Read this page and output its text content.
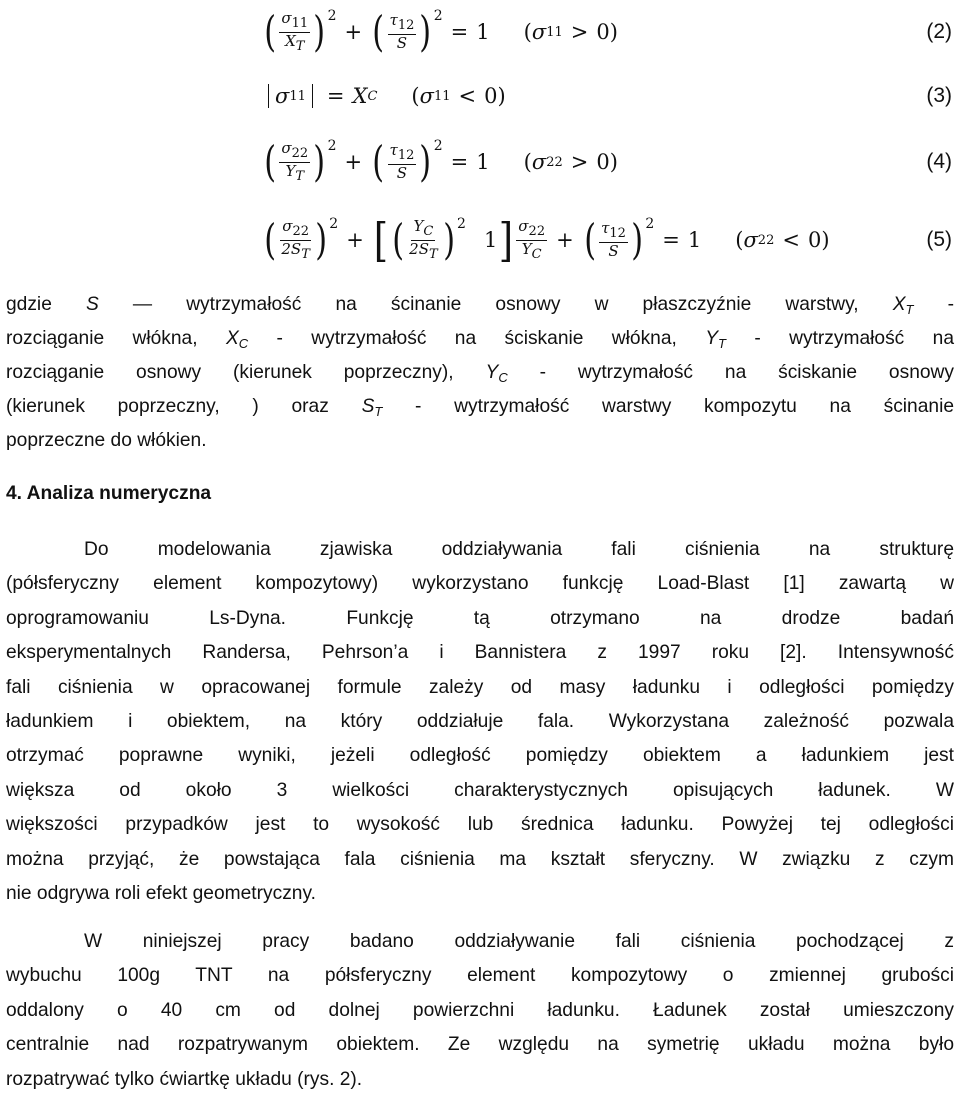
( $\frac{\sigma 11}{XT}$ ) 2
+ ( $\frac{\tau 12}{S}$ ) 2
= 1 ( σ 11 > 0 )	(2)
σ 11 = X C ( σ 11 < 0 )	(3)
( $\frac{\sigma 22}{YT}$ ) 2
+ ( $\frac{\tau 12}{S}$ ) 2
= 1 ( σ 22 > 0 )	(4)
( $\frac{\sigma 22}{2ST}$ ) 2
+ [ ( $\frac{YC}{2ST}$ ) 2
1 ] $\frac{\sigma 22}{YC}$ + ( $\frac{\tau 12}{S}$ ) 2
= 1 ( σ 22 < 0 )	(5)
gdzie S — wytrzymałość na ścinanie osnowy w płaszczyźnie warstwy, $X_T$ -
rozciąganie włókna, $X_C$ - wytrzymałość na ściskanie włókna, $Y_T$ - wytrzymałość na
rozciąganie osnowy (kierunek poprzeczny), $Y_C$ - wytrzymałość na ściskanie osnowy
(kierunek poprzeczny, ) oraz $S_T$ - wytrzymałość warstwy kompozytu na ścinanie
poprzeczne do włókien.
4. Analiza numeryczna
Do modelowania zjawiska oddziaływania fali ciśnienia na strukturę
(półsferyczny element kompozytowy) wykorzystano funkcję Load-Blast [1] zawartą w
oprogramowaniu Ls-Dyna. Funkcję tą otrzymano na drodze badań
eksperymentalnych Randersa, Pehrson’a i Bannistera z 1997 roku [2]. Intensywność
fali ciśnienia w opracowanej formule zależy od masy ładunku i odległości pomiędzy
ładunkiem i obiektem, na który oddziałuje fala. Wykorzystana zależność pozwala
otrzymać poprawne wyniki, jeżeli odległość pomiędzy obiektem a ładunkiem jest
większa od około 3 wielkości charakterystycznych opisujących ładunek. W
większości przypadków jest to wysokość lub średnica ładunku. Powyżej tej odległości
można przyjąć, że powstająca fala ciśnienia ma kształt sferyczny. W związku z czym
nie odgrywa roli efekt geometryczny.
W niniejszej pracy badano oddziaływanie fali ciśnienia pochodzącej z
wybuchu 100g TNT na półsferyczny element kompozytowy o zmiennej grubości
oddalony o 40 cm od dolnej powierzchni ładunku. Ładunek został umieszczony
centralnie nad rozpatrywanym obiektem. Ze względu na symetrię układu można było
rozpatrywać tylko ćwiartkę układu (rys. 2).
